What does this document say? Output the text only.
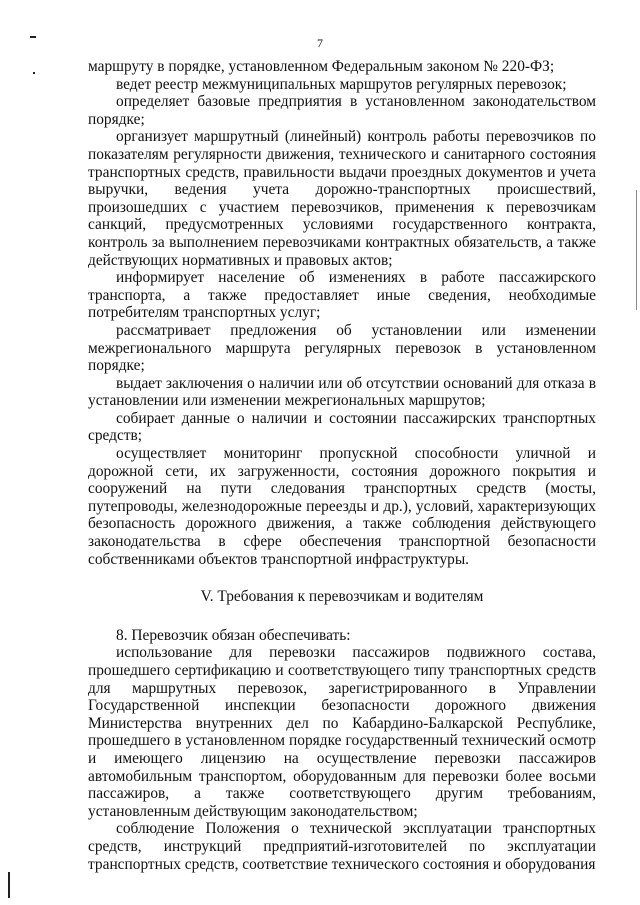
7

маршруту в порядке, установленном Федеральным законом № 220-ФЗ;

ведет реестр межмуниципальных маршрутов регулярных перевозок;

определяет базовые предприятия в установленном законодательством порядке;

организует маршрутный (линейный) контроль работы перевозчиков по показателям регулярности движения, технического и санитарного состояния транспортных средств, правильности выдачи проездных документов и учета выручки, ведения учета дорожно-транспортных происшествий, произошедших с участием перевозчиков, применения к перевозчикам санкций, предусмотренных условиями государственного контракта, контроль за выполнением перевозчиками контрактных обязательств, а также действующих нормативных и правовых актов;

информирует население об изменениях в работе пассажирского транспорта, а также предоставляет иные сведения, необходимые потребителям транспортных услуг;

рассматривает предложения об установлении или изменении межрегионального маршрута регулярных перевозок в установленном порядке;

выдает заключения о наличии или об отсутствии оснований для отказа в установлении или изменении межрегиональных маршрутов;

собирает данные о наличии и состоянии пассажирских транспортных средств;

осуществляет мониторинг пропускной способности уличной и дорожной сети, их загруженности, состояния дорожного покрытия и сооружений на пути следования транспортных средств (мосты, путепроводы, железнодорожные переезды и др.), условий, характеризующих безопасность дорожного движения, а также соблюдения действующего законодательства в сфере обеспечения транспортной безопасности собственниками объектов транспортной инфраструктуры.

V. Требования к перевозчикам и водителям

8. Перевозчик обязан обеспечивать:

использование для перевозки пассажиров подвижного состава, прошедшего сертификацию и соответствующего типу транспортных средств для маршрутных перевозок, зарегистрированного в Управлении Государственной инспекции безопасности дорожного движения Министерства внутренних дел по Кабардино-Балкарской Республике, прошедшего в установленном порядке государственный технический осмотр и имеющего лицензию на осуществление перевозки пассажиров автомобильным транспортом, оборудованным для перевозки более восьми пассажиров, а также соответствующего другим требованиям, установленным действующим законодательством;

соблюдение Положения о технической эксплуатации транспортных средств, инструкций предприятий-изготовителей по эксплуатации транспортных средств, соответствие технического состояния и оборудования
